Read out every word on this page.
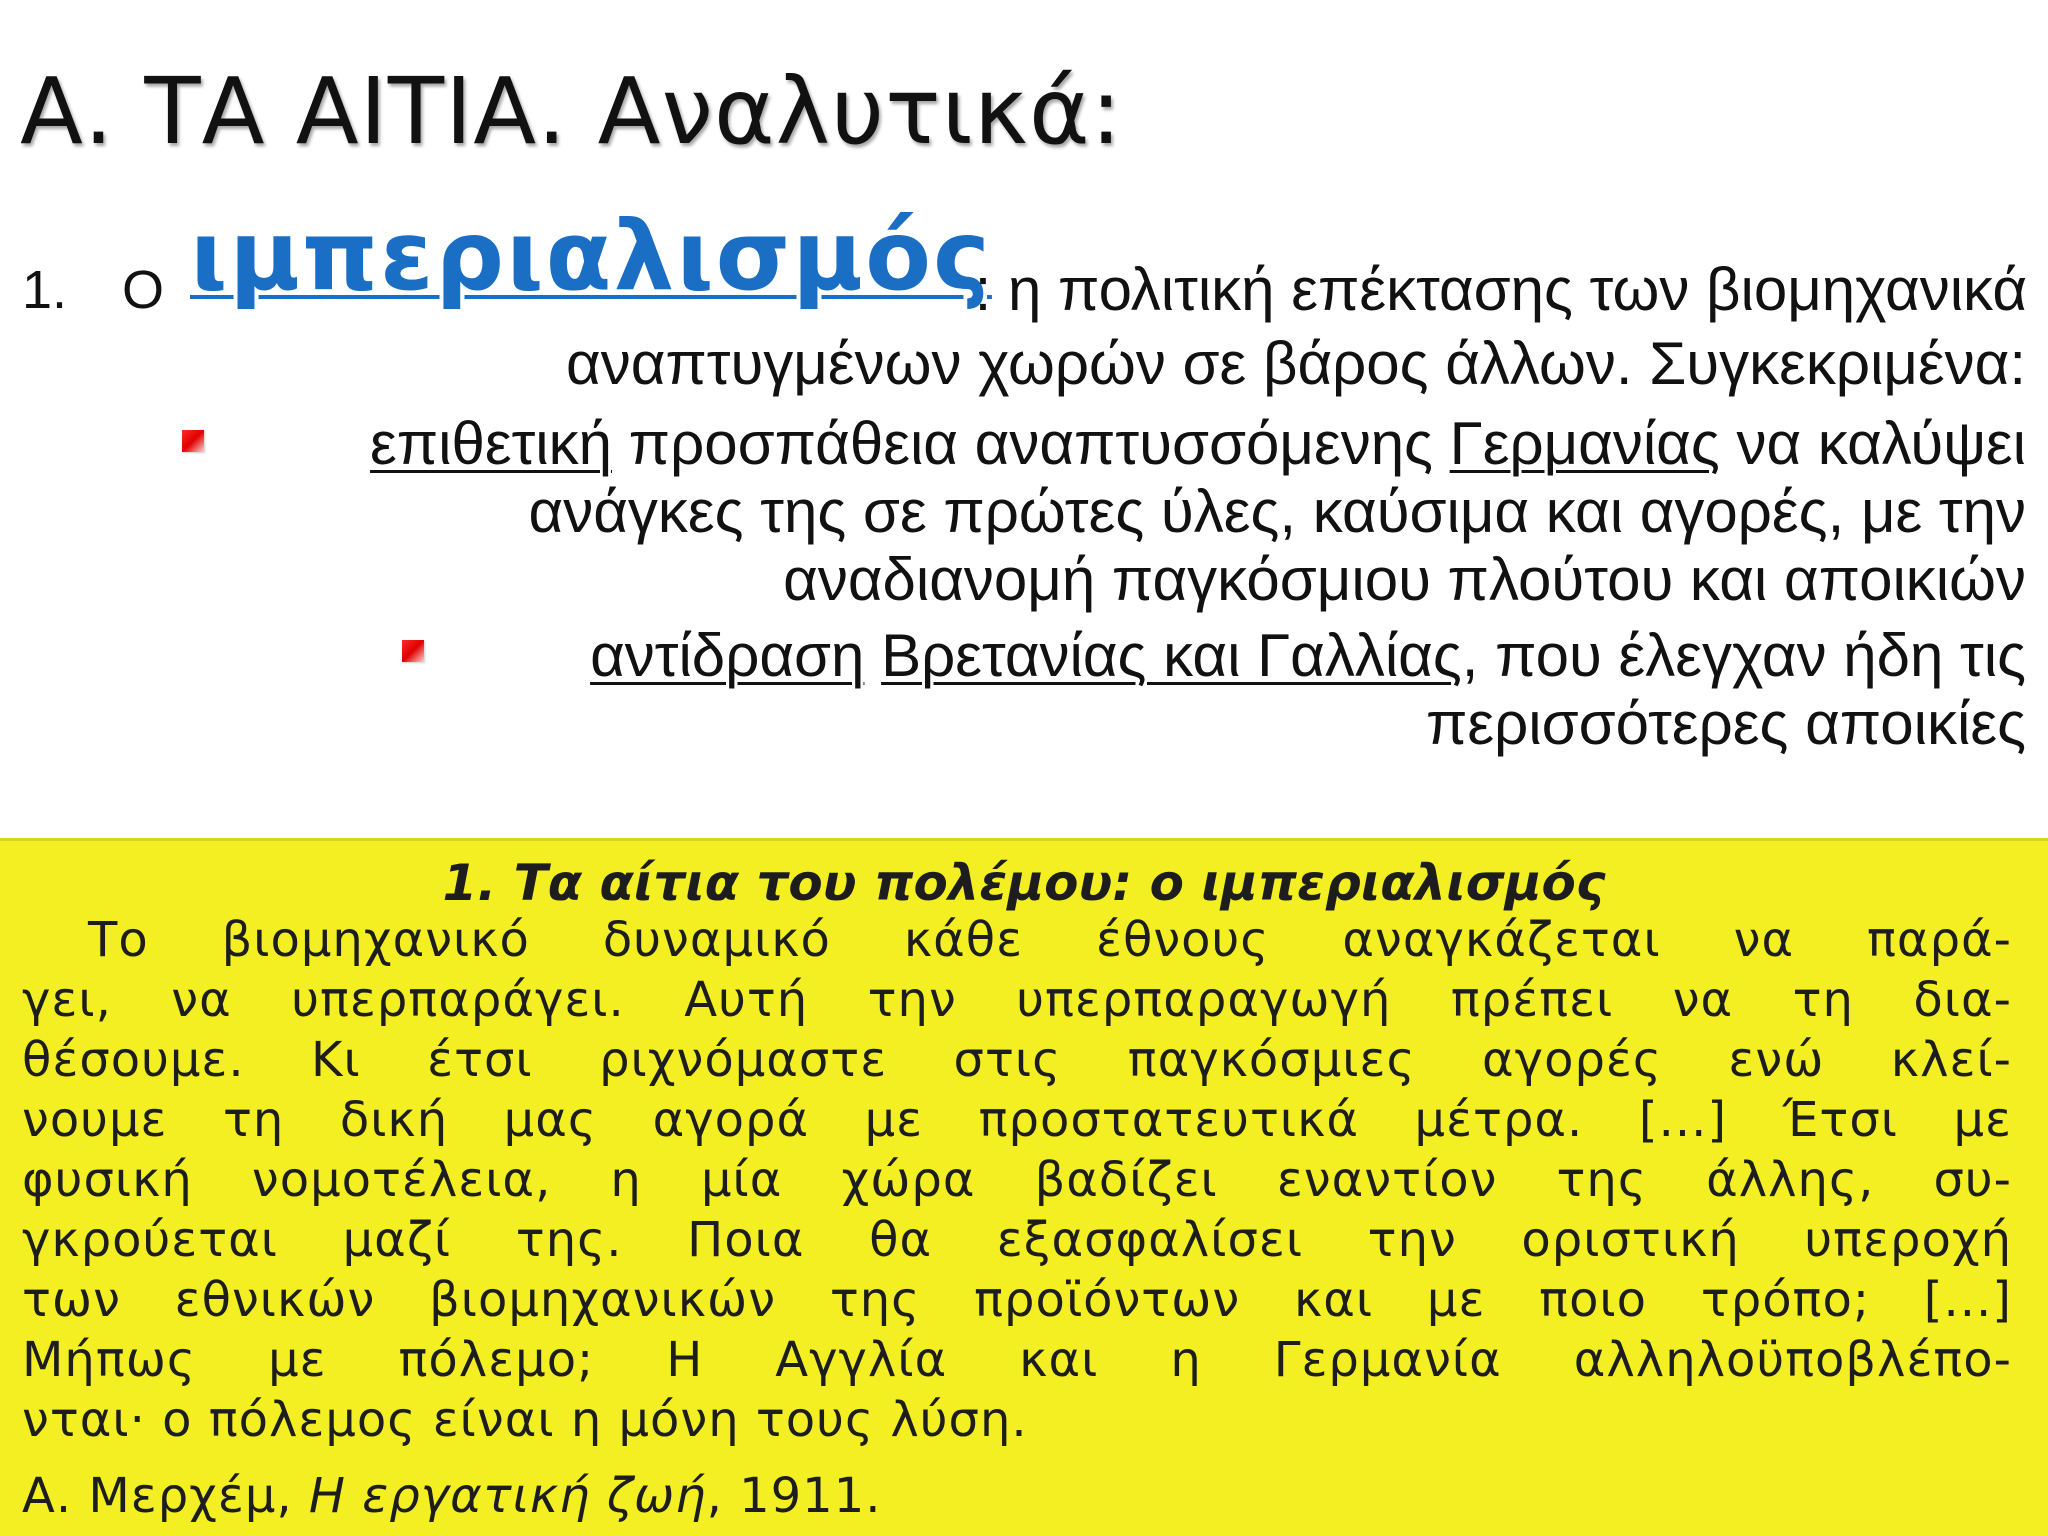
Α. ΤΑ ΑΙΤΙΑ. Αναλυτικά:
1. Ο ιμπεριαλισμός
: η πολιτική επέκτασης των βιομηχανικά
αναπτυγμένων χωρών σε βάρος άλλων. Συγκεκριμένα:
επιθετική προσπάθεια αναπτυσσόμενης Γερμανίας να καλύψει
ανάγκες της σε πρώτες ύλες, καύσιμα και αγορές, με την
αναδιανομή παγκόσμιου πλούτου και αποικιών
αντίδραση Βρετανίας και Γαλλίας, που έλεγχαν ήδη τις
περισσότερες αποικίες
1. Τα αίτια του πολέμου: ο ιμπεριαλισμός
Το βιομηχανικό δυναμικό κάθε έθνους αναγκάζεται να παρά-
γει, να υπερπαράγει. Αυτή την υπερπαραγωγή πρέπει να τη δια-
θέσουμε. Κι έτσι ριχνόμαστε στις παγκόσμιες αγορές ενώ κλεί-
νουμε τη δική μας αγορά με προστατευτικά μέτρα. [...] Έτσι με
φυσική νομοτέλεια, η μία χώρα βαδίζει εναντίον της άλλης, συ-
γκρούεται μαζί της. Ποια θα εξασφαλίσει την οριστική υπεροχή
των εθνικών βιομηχανικών της προϊόντων και με ποιο τρόπο; [...]
Μήπως με πόλεμο; Η Αγγλία και η Γερμανία αλληλοϋποβλέπο-
νται· ο πόλεμος είναι η μόνη τους λύση.
Α. Μερχέμ, Η εργατική ζωή, 1911.
